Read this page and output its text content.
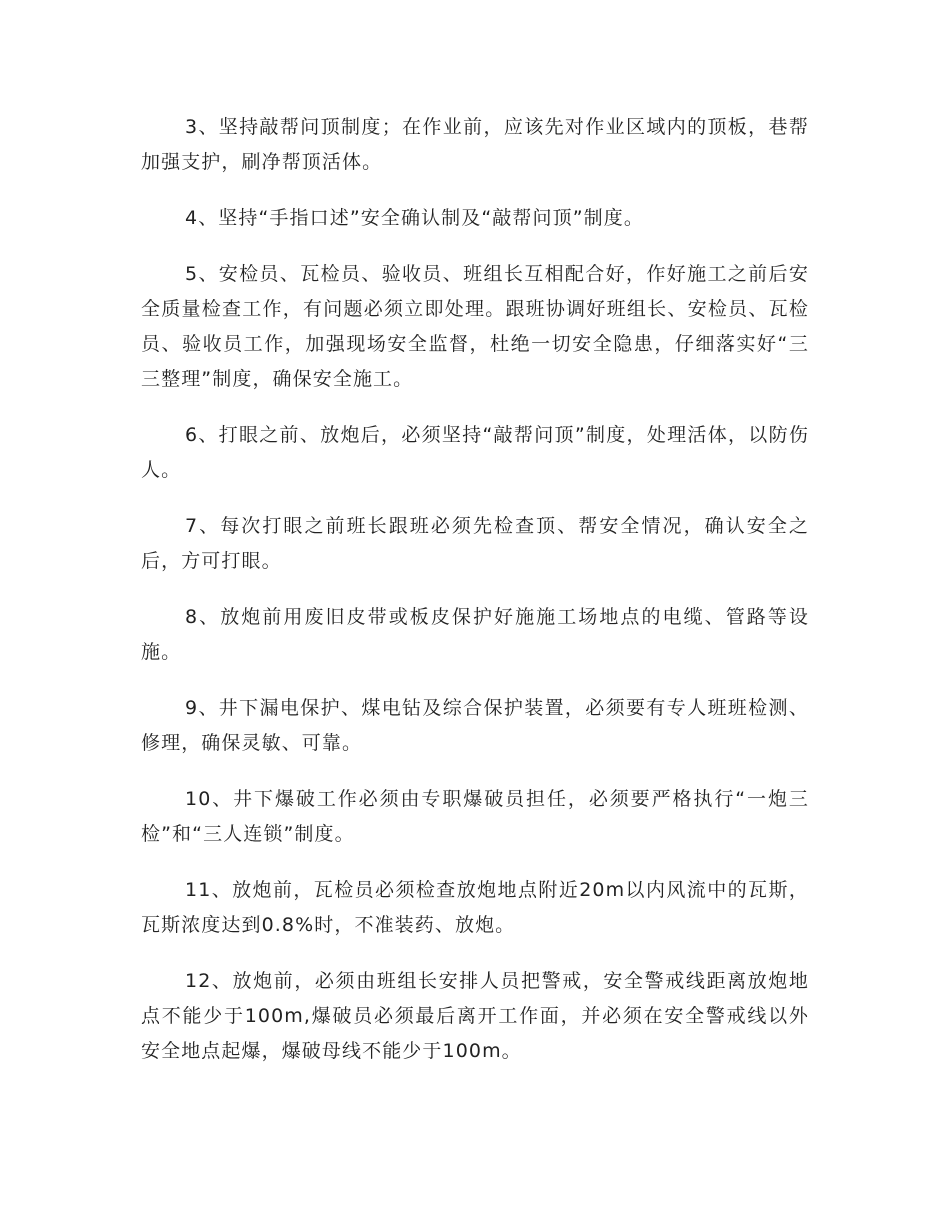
3、坚持敲帮问顶制度；在作业前，应该先对作业区域内的顶板，巷帮加强支护，刷净帮顶活体。

4、坚持“手指口述”安全确认制及“敲帮问顶”制度。

5、安检员、瓦检员、验收员、班组长互相配合好，作好施工之前后安全质量检查工作，有问题必须立即处理。跟班协调好班组长、安检员、瓦检员、验收员工作，加强现场安全监督，杜绝一切安全隐患，仔细落实好“三三整理”制度，确保安全施工。

6、打眼之前、放炮后，必须坚持“敲帮问顶”制度，处理活体，以防伤人。

7、每次打眼之前班长跟班必须先检查顶、帮安全情况，确认安全之后，方可打眼。

8、放炮前用废旧皮带或板皮保护好施施工场地点的电缆、管路等设施。

9、井下漏电保护、煤电钻及综合保护装置，必须要有专人班班检测、修理，确保灵敏、可靠。

10、井下爆破工作必须由专职爆破员担任，必须要严格执行“一炮三检”和“三人连锁”制度。

11、放炮前，瓦检员必须检查放炮地点附近20m以内风流中的瓦斯，瓦斯浓度达到0.8%时，不准装药、放炮。

12、放炮前，必须由班组长安排人员把警戒，安全警戒线距离放炮地点不能少于100m,爆破员必须最后离开工作面，并必须在安全警戒线以外安全地点起爆，爆破母线不能少于100m。
